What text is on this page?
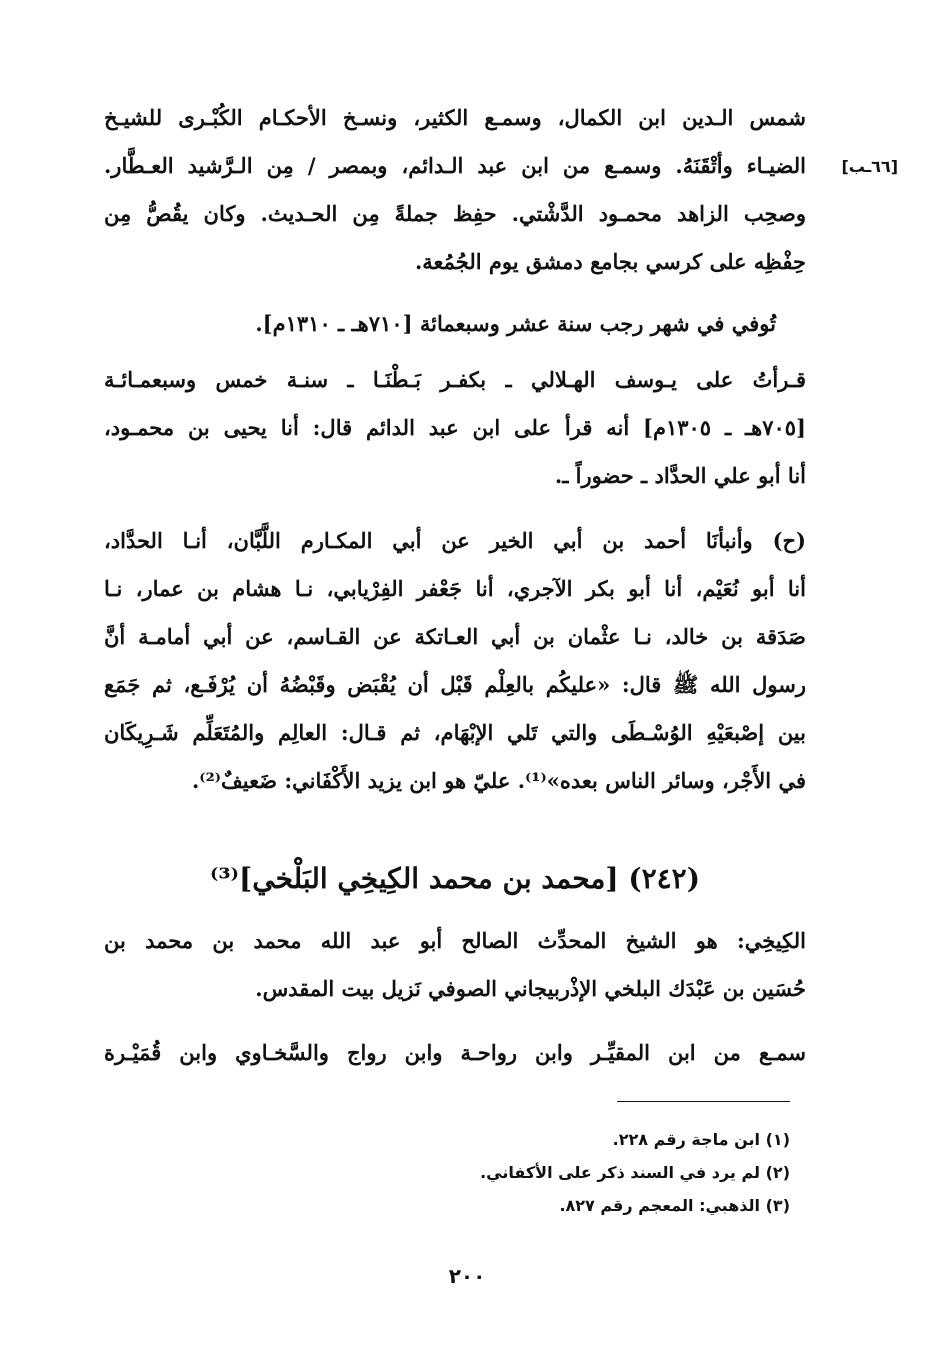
[٦٦ـب]
شمس الـدين ابن الكمال، وسمـع الكثير، ونسـخ الأحكـام الكُبْـرى للشيـخ
الضيـاء وأتْقَنَهُ. وسمـع من ابن عبد الـدائم، وبمصر / مِن الـرَّشيد العـطَّار.
وصحِب الزاهد محمـود الدَّشْتي. حفِظ جملةً مِن الحـديث. وكان يقُصُّ مِن
حِفْظِه على كرسي بجامع دمشق يوم الجُمُعة.
تُوفي في شهر رجب سنة عشر وسبعمائة [٧١٠هـ ـ ١٣١٠م].
قـرأتُ على يـوسف الهـلالي ـ بكفـر بَـطْنَـا ـ سنـة خمس وسبعمـائـة
[٧٠٥هـ ـ ١٣٠٥م] أنه قرأ على ابن عبد الدائم قال: أنا يحيى بن محمـود،
أنا أبو علي الحدَّاد ـ حضوراً ـ.
(ح) وأنبأنَا أحمد بن أبي الخير عن أبي المكـارم اللَّبَّان، أنـا الحدَّاد،
أنا أبو نُعَيْم، أنا أبو بكر الآجري، أنا جَعْفر الفِرْيابي، نـا هشام بن عمار، نـا
صَدَقة بن خالد، نـا عثْمان بن أبي العـاتكة عن القـاسم، عن أبي أمامـة أنَّ
رسول الله ﷺ قال: «عليكُم بالعِلْم قَبْل أن يُقْبَض وقَبْضُهُ أن يُرْفَـع، ثم جَمَع
بين إصْبعَيْهِ الوُسْـطَى والتي تَلي الإبْهَام، ثم قـال: العالِم والمُتَعَلِّم شَـرِيكَان
في الأَجْر، وسائر الناس بعده»⁽¹⁾. عليّ هو ابن يزيد الأَكْفَاني: ضَعيفٌ⁽²⁾.
(٢٤٢) [محمد بن محمد الكِيخِي البَلْخي]⁽³⁾
الكِيخِي: هو الشيخ المحدِّث الصالح أبو عبد الله محمد بن محمد بن
حُسَين بن عَبْدَك البلخي الإذْربيجاني الصوفي نَزيل بيت المقدس.
سمـع من ابن المقيِّـر وابن رواحـة وابن رواج والسَّخـاوي وابن قُمَيْـرة
(١) ابن ماجة رقم ٢٢٨.
(٢) لم يرد في السند ذكر على الأكفاني.
(٣) الذهبي: المعجم رقم ٨٢٧.
٢٠٠
